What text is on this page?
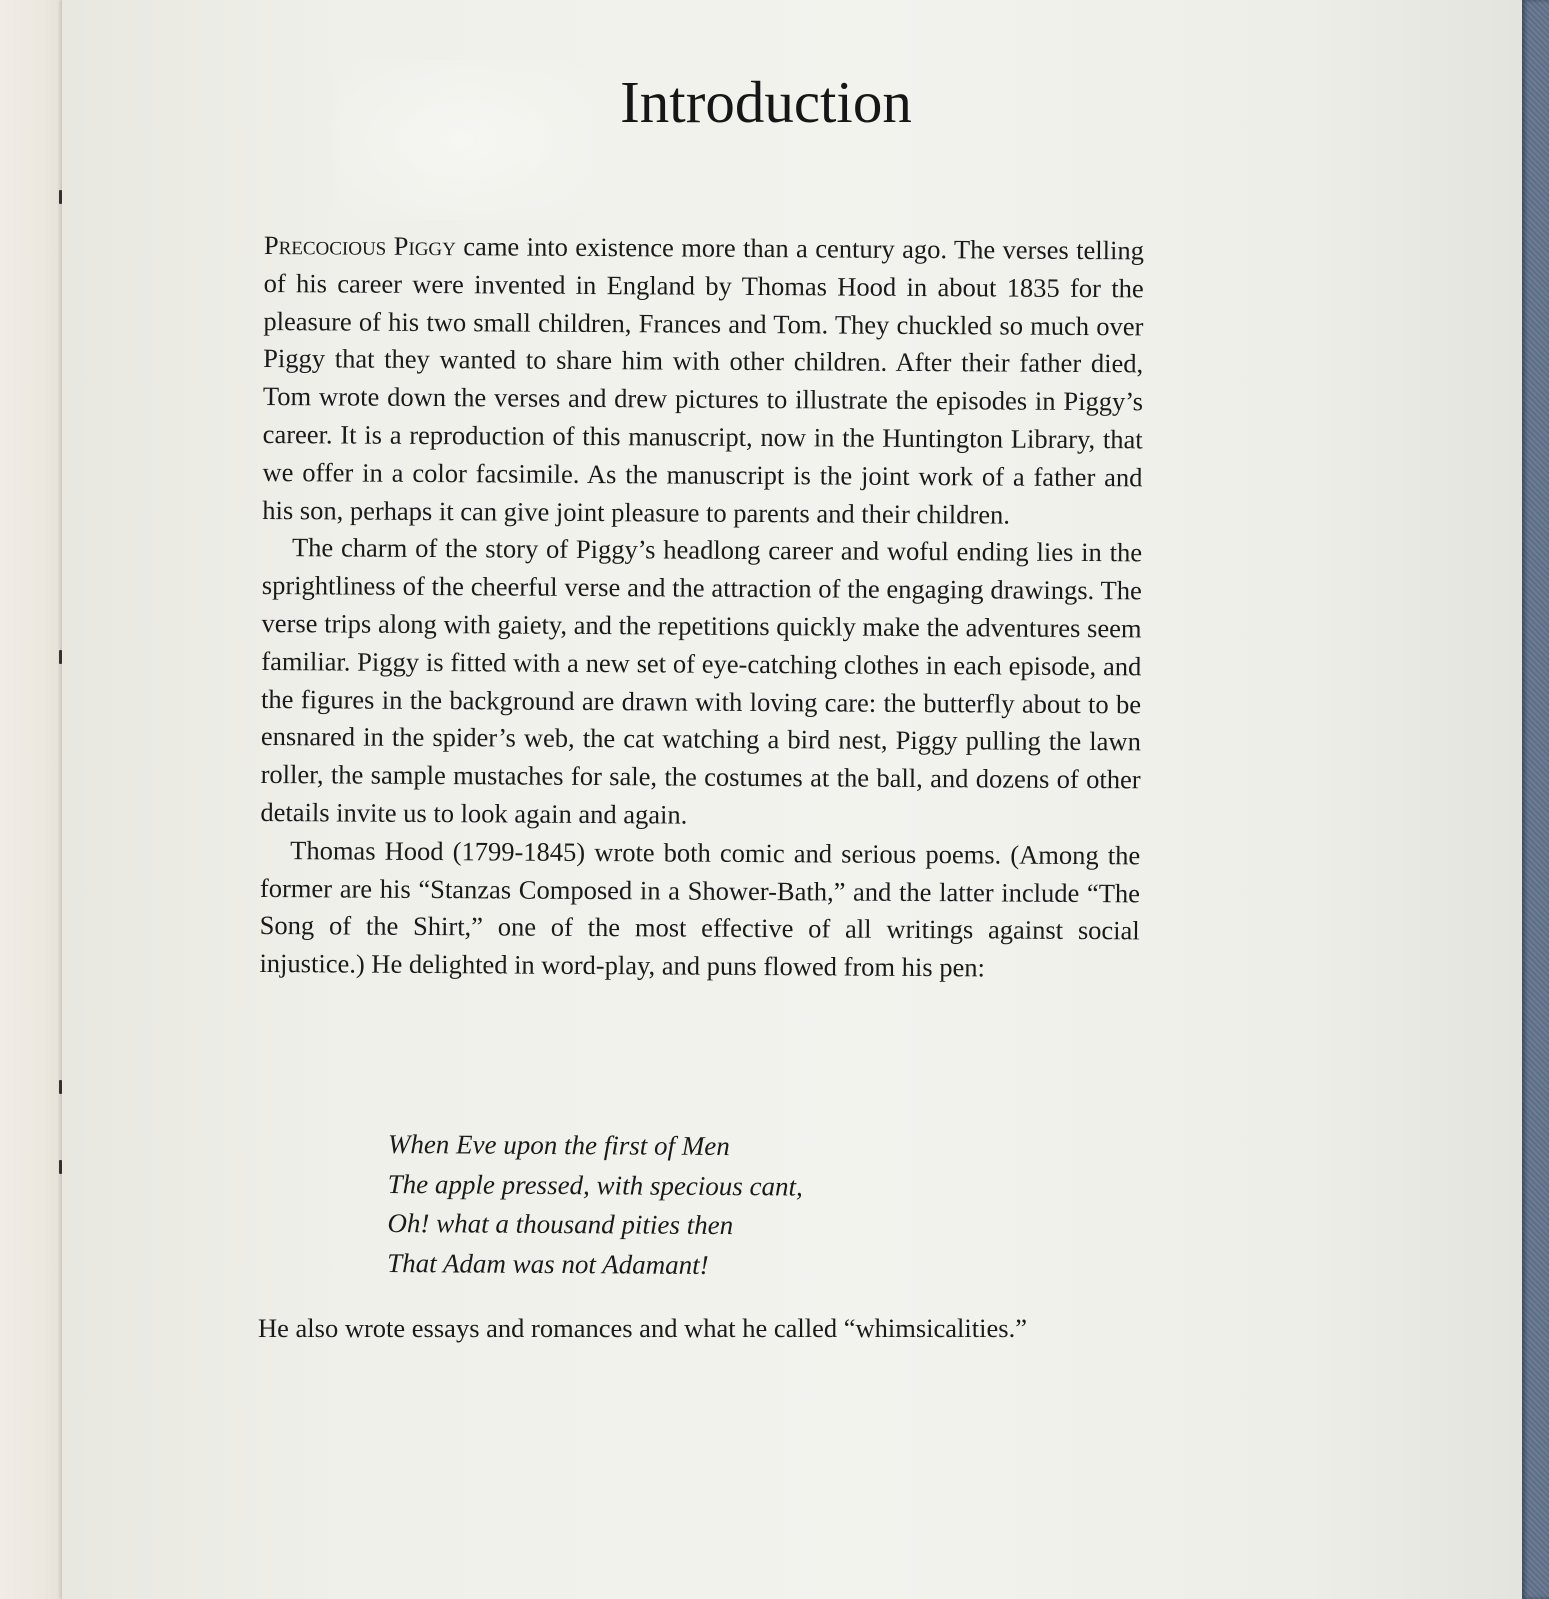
Introduction

Precocious Piggy came into existence more than a century ago. The verses telling of his career were invented in England by Thomas Hood in about 1835 for the pleasure of his two small children, Frances and Tom. They chuckled so much over Piggy that they wanted to share him with other children. After their father died, Tom wrote down the verses and drew pictures to illustrate the episodes in Piggy’s career. It is a reproduction of this manuscript, now in the Huntington Library, that we offer in a color facsimile. As the manuscript is the joint work of a father and his son, perhaps it can give joint pleasure to parents and their children.

The charm of the story of Piggy’s headlong career and woful ending lies in the sprightliness of the cheerful verse and the attraction of the engaging drawings. The verse trips along with gaiety, and the repetitions quickly make the adventures seem familiar. Piggy is fitted with a new set of eye-catching clothes in each episode, and the figures in the background are drawn with loving care: the butterfly about to be ensnared in the spider’s web, the cat watching a bird nest, Piggy pulling the lawn roller, the sample mustaches for sale, the costumes at the ball, and dozens of other details invite us to look again and again.

Thomas Hood (1799-1845) wrote both comic and serious poems. (Among the former are his “Stanzas Composed in a Shower-Bath,” and the latter include “The Song of the Shirt,” one of the most effective of all writings against social injustice.) He delighted in word-play, and puns flowed from his pen:

When Eve upon the first of Men
The apple pressed, with specious cant,
Oh! what a thousand pities then
That Adam was not Adamant!
He also wrote essays and romances and what he called “whimsicalities.”
